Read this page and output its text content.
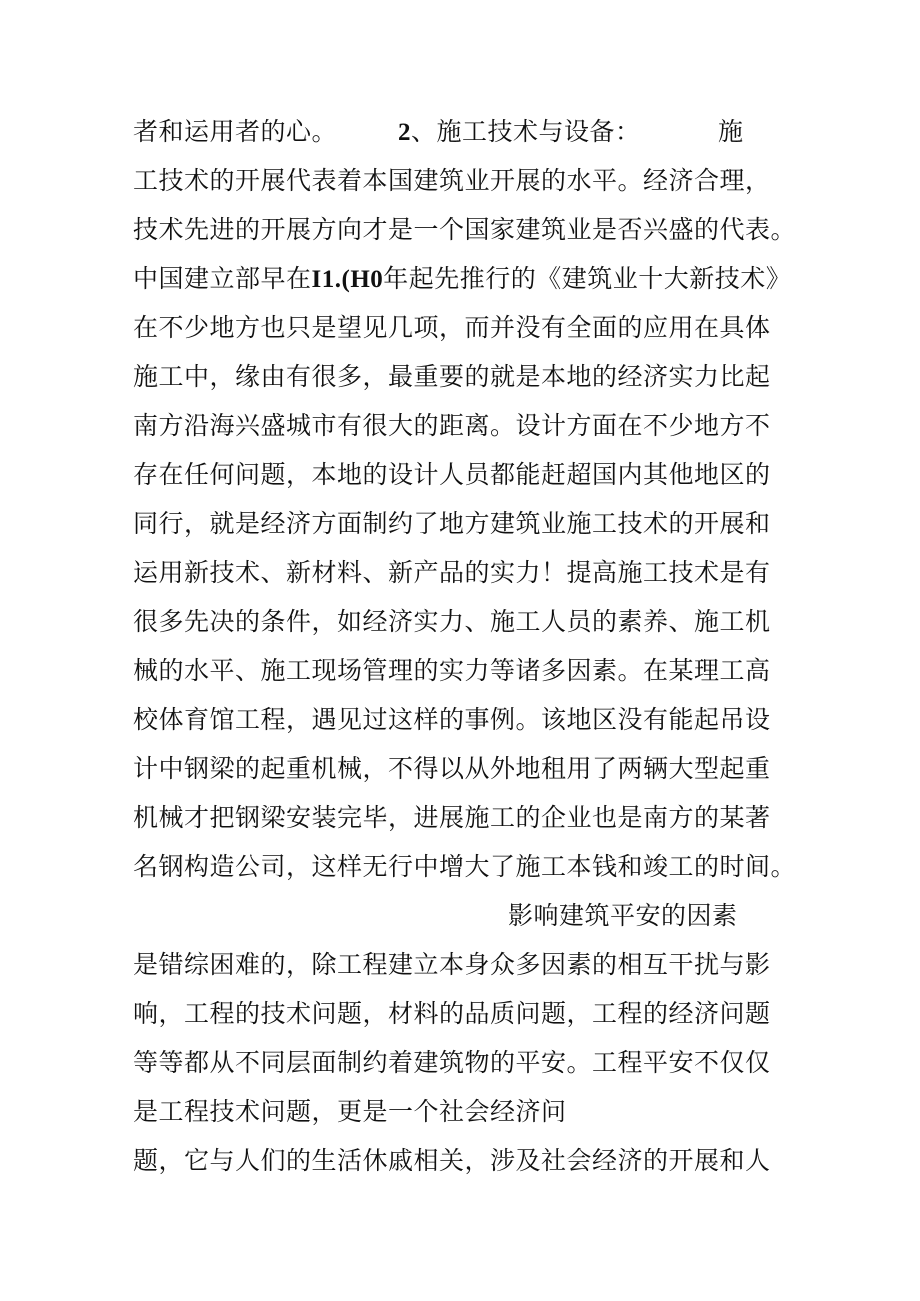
者和运用者的心。 2、施工技术与设备：	施
工技术的开展代表着本国建筑业开展的水平。经济合理，
技术先进的开展方向才是一个国家建筑业是否兴盛的代表。
中国建立部早在I1.(H0年起先推行的《建筑业十大新技术》
在不少地方也只是望见几项，而并没有全面的应用在具体
施工中，缘由有很多，最重要的就是本地的经济实力比起
南方沿海兴盛城市有很大的距离。设计方面在不少地方不
存在任何问题，本地的设计人员都能赶超国内其他地区的
同行，就是经济方面制约了地方建筑业施工技术的开展和
运用新技术、新材料、新产品的实力！提高施工技术是有
很多先决的条件，如经济实力、施工人员的素养、施工机
械的水平、施工现场管理的实力等诸多因素。在某理工高
校体育馆工程，遇见过这样的事例。该地区没有能起吊设
计中钢梁的起重机械，不得以从外地租用了两辆大型起重
机械才把钢梁安装完毕，进展施工的企业也是南方的某著
名钢构造公司，这样无行中增大了施工本钱和竣工的时间。
影响建筑平安的因素
是错综困难的，除工程建立本身众多因素的相互干扰与影
响，工程的技术问题，材料的品质问题，工程的经济问题
等等都从不同层面制约着建筑物的平安。工程平安不仅仅
是工程技术问题，更是一个社会经济问
题，它与人们的生活休戚相关，涉及社会经济的开展和人
